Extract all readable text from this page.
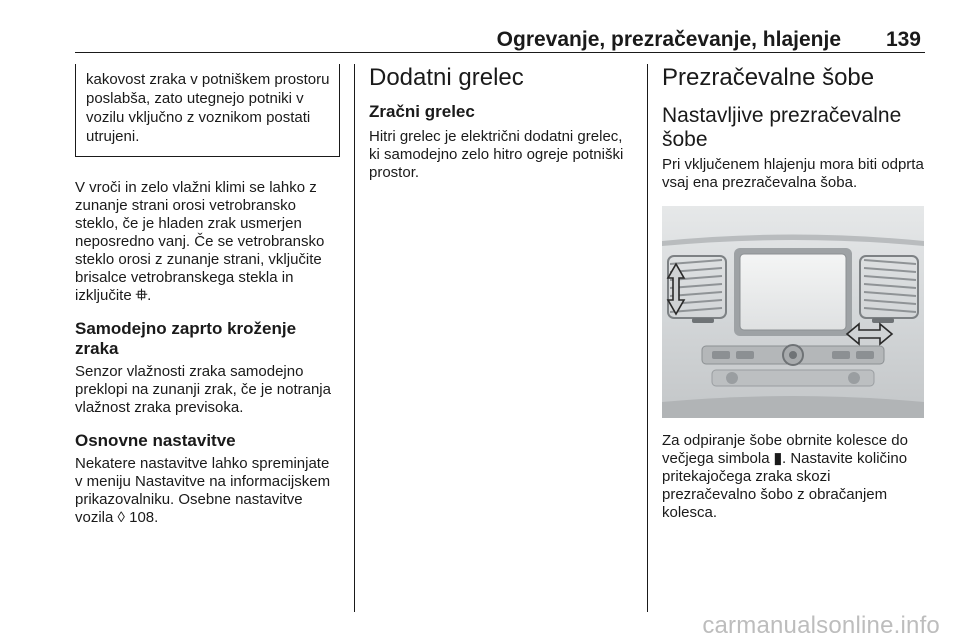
Ogrevanje, prezračevanje, hlajenje 139
kakovost zraka v potniškem prostoru poslabša, zato utegnejo potniki v vozilu vključno z voznikom postati utrujeni.

V vroči in zelo vlažni klimi se lahko z zunanje strani orosi vetrobransko steklo, če je hladen zrak usmerjen neposredno vanj. Če se vetrobransko steklo orosi z zunanje strani, vključite brisalce vetrobranskega stekla in izključite ⯐.

Samodejno zaprto kroženje zraka

Senzor vlažnosti zraka samodejno preklopi na zunanji zrak, če je notranja vlažnost zraka previsoka.

Osnovne nastavitve

Nekatere nastavitve lahko spreminjate v meniju Nastavitve na informacijskem prikazovalniku. Osebne nastavitve vozila ◊ 108.

Dodatni grelec
Zračni grelec

Hitri grelec je električni dodatni grelec, ki samodejno zelo hitro ogreje potniški prostor.

Prezračevalne šobe
Nastavljive prezračevalne šobe

Pri vključenem hlajenju mora biti odprta vsaj ena prezračevalna šoba.

Za odpiranje šobe obrnite kolesce do večjega simbola ▮. Nastavite količino pritekajočega zraka skozi prezračevalno šobo z obračanjem kolesca.

carmanualsonline.info
